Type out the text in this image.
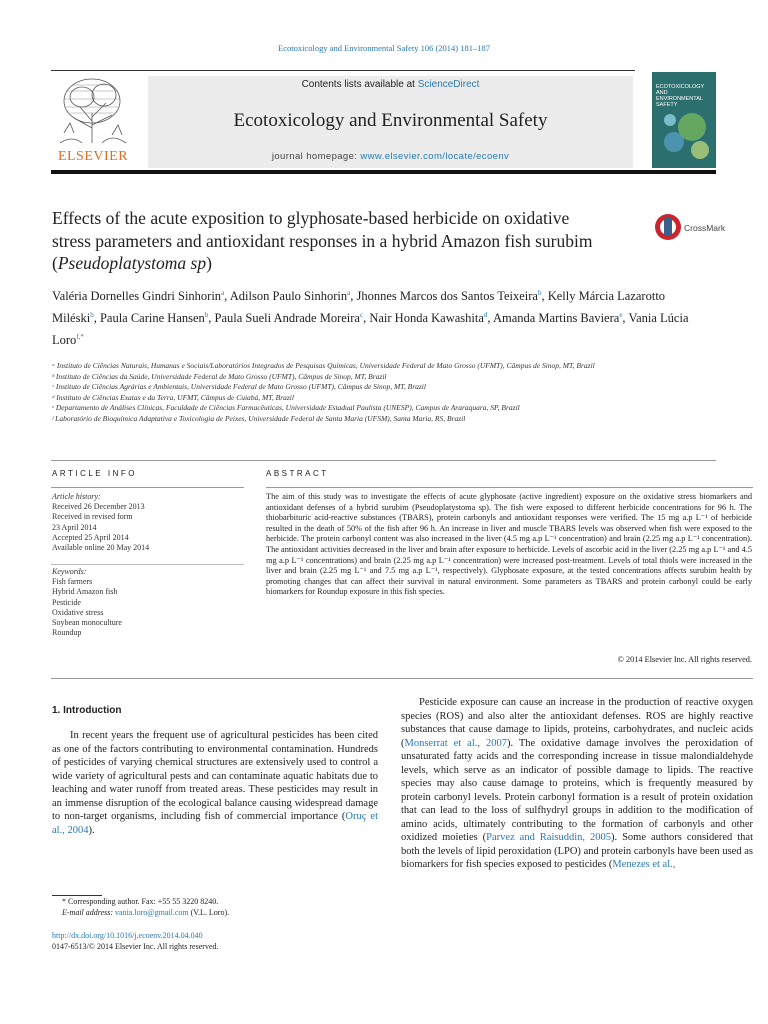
Ecotoxicology and Environmental Safety 106 (2014) 181–187
ELSEVIER
Contents lists available at ScienceDirect
Ecotoxicology and Environmental Safety
journal homepage: www.elsevier.com/locate/ecoenv
ECOTOXICOLOGY AND ENVIRONMENTAL SAFETY
Effects of the acute exposition to glyphosate-based herbicide on oxidative stress parameters and antioxidant responses in a hybrid Amazon fish surubim (Pseudoplatystoma sp)
CrossMark
Valéria Dornelles Gindri Sinhorin$^a$, Adilson Paulo Sinhorin$^a$, Jhonnes Marcos dos Santos Teixeira$^b$, Kelly Márcia Lazarotto Miléski$^b$, Paula Carine Hansen$^b$, Paula Sueli Andrade Moreira$^c$, Nair Honda Kawashita$^d$, Amanda Martins Baviera$^e$, Vania Lúcia Loro$^{f,*}$

ᵃ Instituto de Ciências Naturais, Humanas e Sociais/Laboratórios Integrados de Pesquisas Químicas, Universidade Federal de Mato Grosso (UFMT), Câmpus de Sinop, MT, Brazil

ᵇ Instituto de Ciências da Saúde, Universidade Federal de Mato Grosso (UFMT), Câmpus de Sinop, MT, Brazil

ᶜ Instituto de Ciências Agrárias e Ambientais, Universidade Federal de Mato Grosso (UFMT), Câmpus de Sinop, MT, Brazil

ᵈ Instituto de Ciências Exatas e da Terra, UFMT, Câmpus de Cuiabá, MT, Brazil

ᵉ Departamento de Análises Clínicas, Faculdade de Ciências Farmacêuticas, Universidade Estadual Paulista (UNESP), Campus de Araraquara, SP, Brazil

ᶠ Laboratório de Bioquímica Adaptativa e Toxicologia de Peixes, Universidade Federal de Santa Maria (UFSM), Santa Maria, RS, Brazil

ARTICLE INFO	ABSTRACT
Article history:
Received 26 December 2013
Received in revised form
23 April 2014
Accepted 25 April 2014
Available online 20 May 2014
Keywords:
Fish farmers
Hybrid Amazon fish
Pesticide
Oxidative stress
Soybean monoculture
Roundup
The aim of this study was to investigate the effects of acute glyphosate (active ingredient) exposure on the oxidative stress biomarkers and antioxidant defenses of a hybrid surubim (Pseudoplatystoma sp). The fish were exposed to different herbicide concentrations for 96 h. The thiobarbituric acid-reactive substances (TBARS), protein carbonyls and antioxidant responses were verified. The 15 mg a.p L⁻¹ of herbicide resulted in the death of 50% of the fish after 96 h. An increase in liver and muscle TBARS levels was observed when fish were exposed to the herbicide. The protein carbonyl content was also increased in the liver (4.5 mg a.p L⁻¹ concentration) and brain (2.25 mg a.p L⁻¹ concentration). The antioxidant activities decreased in the liver and brain after exposure to herbicide. Levels of ascorbic acid in the liver (2.25 mg a.p L⁻¹ and 4.5 mg a.p L⁻¹ concentrations) and brain (2.25 mg a.p L⁻¹ concentration) were increased post-treatment. Levels of total thiols were increased in the liver and brain (2.25 mg L⁻¹ and 7.5 mg a.p L⁻¹, respectively). Glyphosate exposure, at the tested concentrations affects surubim health by promoting changes that can affect their survival in natural environment. Some parameters as TBARS and protein carbonyl could be early biomarkers for Roundup exposure in this fish species.
© 2014 Elsevier Inc. All rights reserved.
1. Introduction
In recent years the frequent use of agricultural pesticides has been cited as one of the factors contributing to environmental contamination. Hundreds of pesticides of varying chemical structures are extensively used to control a wide variety of agricultural pests and can contaminate aquatic habitats due to leaching and water runoff from treated areas. These pesticides may result in an immense disruption of the ecological balance causing widespread damage to non-target organisms, including fish of commercial importance (Oruç et al., 2004).
Pesticide exposure can cause an increase in the production of reactive oxygen species (ROS) and also alter the antioxidant defenses. ROS are highly reactive substances that cause damage to lipids, proteins, carbohydrates, and nucleic acids (Monserrat et al., 2007). The oxidative damage involves the peroxidation of unsaturated fatty acids and the corresponding increase in tissue malondialdehyde levels, which serve as an indicator of possible damage to lipids. The reactive species may also cause damage to proteins, which is frequently measured by protein carbonyl levels. Protein carbonyl formation is a result of protein oxidation that can lead to the loss of sulfhydryl groups in addition to the modification of amino acids, ultimately contributing to the formation of carbonyls and other oxidized moieties (Parvez and Raisuddin, 2005). Some authors considered that both the levels of lipid peroxidation (LPO) and protein carbonyls have been used as biomarkers for fish species exposed to pesticides (Menezes et al.,
* Corresponding author. Fax: +55 55 3220 8240.
E-mail address: vania.loro@gmail.com (V.L. Loro).
http://dx.doi.org/10.1016/j.ecoenv.2014.04.040
0147-6513/© 2014 Elsevier Inc. All rights reserved.
